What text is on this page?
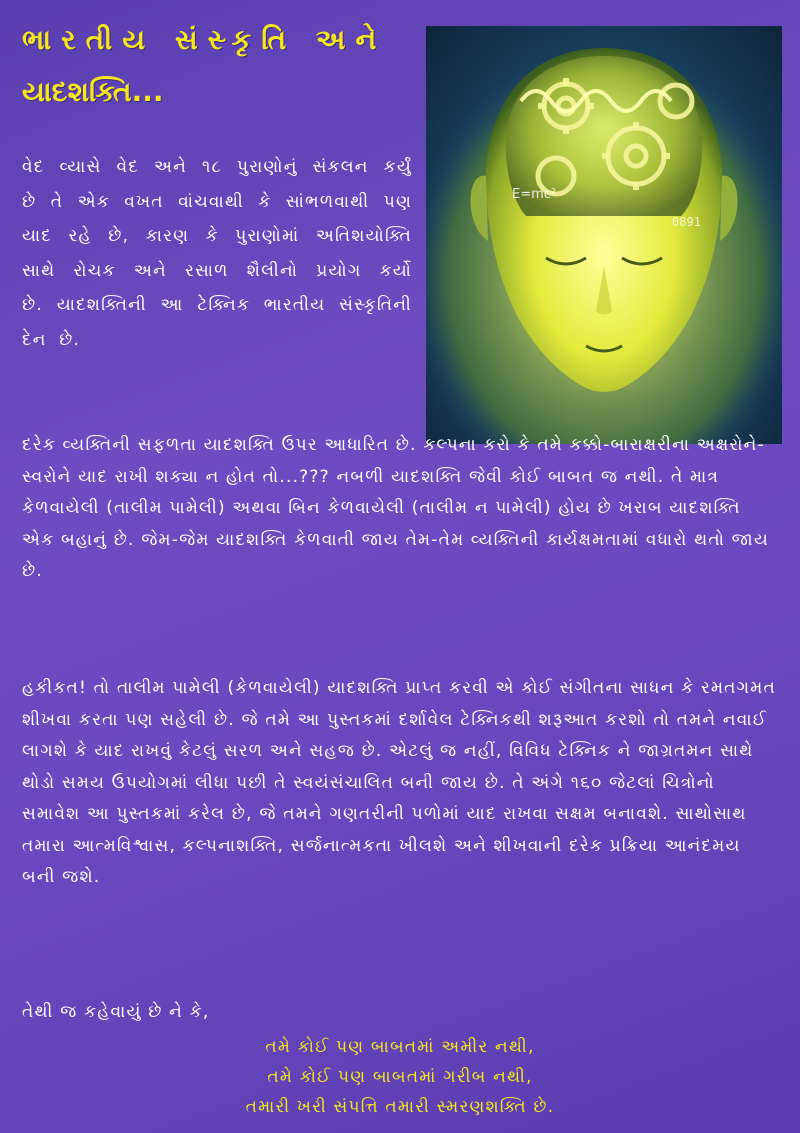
ભારતીય સંસ્કૃતિ અને
યાદશક્તિ...
E=mc²
0891

વેદ વ્યાસે વેદ અને ૧૮ પુરાણોનું સંકલન કર્યું છે તે એક વખત વાંચવાથી કે સાંભળવાથી પણ યાદ રહે છે, કારણ કે પુરાણોમાં અતિશયોક્તિ સાથે રોચક અને રસાળ શૈલીનો પ્રયોગ કર્યો છે. યાદશક્તિની આ ટેક્નિક ભારતીય સંસ્કૃતિની દેન છે.

દરેક વ્યક્તિની સફળતા યાદશક્તિ ઉપર આધારિત છે. કલ્પના કરો કે તમે કક્કો-બારાક્ષરીના અક્ષરોને-સ્વરોને યાદ રાખી શક્યા ન હોત તો...??? નબળી યાદશક્તિ જેવી કોઈ બાબત જ નથી. તે માત્ર કેળવાયેલી (તાલીમ પામેલી) અથવા બિન કેળવાયેલી (તાલીમ ન પામેલી) હોય છે ખરાબ યાદશક્તિ એક બહાનું છે. જેમ-જેમ યાદશક્તિ કેળવાતી જાય તેમ-તેમ વ્યક્તિની કાર્યક્ષમતામાં વધારો થતો જાય છે.

હકીકત! તો તાલીમ પામેલી (કેળવાયેલી) યાદશક્તિ પ્રાપ્ત કરવી એ કોઈ સંગીતના સાધન કે રમતગમત શીખવા કરતા પણ સહેલી છે. જે તમે આ પુસ્તકમાં દર્શાવેલ ટેક્નિકથી શરૂઆત કરશો તો તમને નવાઈ લાગશે કે યાદ રાખવું કેટલું સરળ અને સહજ છે. એટલું જ નહીં, વિવિધ ટેક્નિક ને જાગ્રતમન સાથે થોડો સમય ઉપયોગમાં લીધા પછી તે સ્વયંસંચાલિત બની જાય છે. તે અંગે ૧૬૦ જેટલાં ચિત્રોનો સમાવેશ આ પુસ્તકમાં કરેલ છે, જે તમને ગણતરીની પળોમાં યાદ રાખવા સક્ષમ બનાવશે. સાથોસાથ તમારા આત્મવિશ્વાસ, કલ્પનાશક્તિ, સર્જનાત્મકતા ખીલશે અને શીખવાની દરેક પ્રક્રિયા આનંદમય બની જશે.

તેથી જ કહેવાયું છે ને કે,

તમે કોઈ પણ બાબતમાં અમીર નથી,
તમે કોઈ પણ બાબતમાં ગરીબ નથી,
તમારી ખરી સંપત્તિ તમારી સ્મરણશક્તિ છે.
